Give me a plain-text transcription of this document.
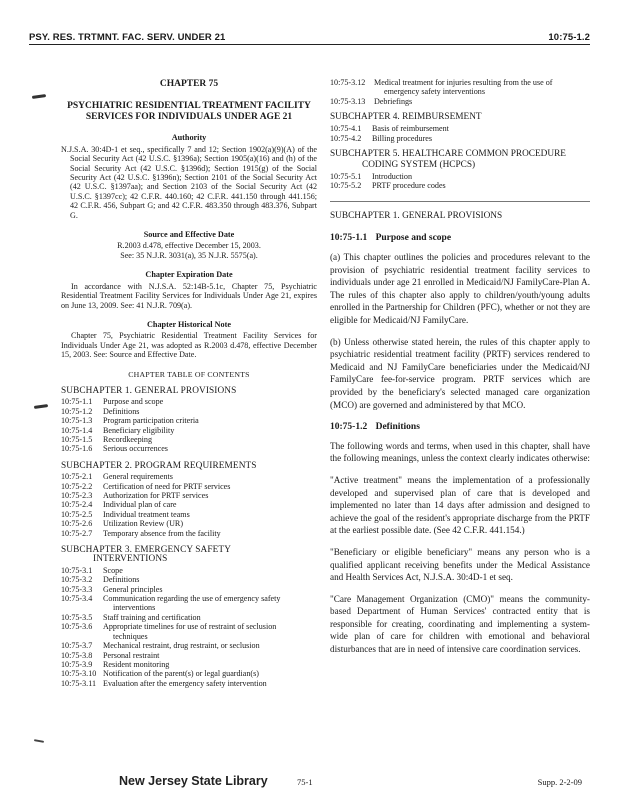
PSY. RES. TRTMNT. FAC. SERV. UNDER 21	10:75-1.2
CHAPTER 75
PSYCHIATRIC RESIDENTIAL TREATMENT FACILITY SERVICES FOR INDIVIDUALS UNDER AGE 21
Authority
N.J.S.A. 30:4D-1 et seq., specifically 7 and 12; Section 1902(a)(9)(A) of the Social Security Act (42 U.S.C. §1396a); Section 1905(a)(16) and (h) of the Social Security Act (42 U.S.C. §1396d); Section 1915(g) of the Social Security Act (42 U.S.C. §1396n); Section 2101 of the Social Security Act (42 U.S.C. §1397aa); and Section 2103 of the Social Security Act (42 U.S.C. §1397cc); 42 C.F.R. 440.160; 42 C.F.R. 441.150 through 441.156; 42 C.F.R. 456, Subpart G; and 42 C.F.R. 483.350 through 483.376, Subpart G.
Source and Effective Date
R.2003 d.478, effective December 15, 2003.
See: 35 N.J.R. 3031(a), 35 N.J.R. 5575(a).
Chapter Expiration Date
In accordance with N.J.S.A. 52:14B-5.1c, Chapter 75, Psychiatric Residential Treatment Facility Services for Individuals Under Age 21, expires on June 13, 2009. See: 41 N.J.R. 709(a).
Chapter Historical Note
Chapter 75, Psychiatric Residential Treatment Facility Services for Individuals Under Age 21, was adopted as R.2003 d.478, effective December 15, 2003. See: Source and Effective Date.
CHAPTER TABLE OF CONTENTS
SUBCHAPTER 1. GENERAL PROVISIONS
10:75-1.1	Purpose and scope
10:75-1.2	Definitions
10:75-1.3	Program participation criteria
10:75-1.4	Beneficiary eligibility
10:75-1.5	Recordkeeping
10:75-1.6	Serious occurrences
SUBCHAPTER 2. PROGRAM REQUIREMENTS
10:75-2.1	General requirements
10:75-2.2	Certification of need for PRTF services
10:75-2.3	Authorization for PRTF services
10:75-2.4	Individual plan of care
10:75-2.5	Individual treatment teams
10:75-2.6	Utilization Review (UR)
10:75-2.7	Temporary absence from the facility
SUBCHAPTER 3. EMERGENCY SAFETY
INTERVENTIONS
10:75-3.1	Scope
10:75-3.2	Definitions
10:75-3.3	General principles
10:75-3.4	Communication regarding the use of emergency safety
interventions
10:75-3.5	Staff training and certification
10:75-3.6	Appropriate timelines for use of restraint of seclusion
techniques
10:75-3.7	Mechanical restraint, drug restraint, or seclusion
10:75-3.8	Personal restraint
10:75-3.9	Resident monitoring
10:75-3.10 Notification of the parent(s) or legal guardian(s)
10:75-3.11 Evaluation after the emergency safety intervention
10:75-3.12	Medical treatment for injuries resulting from the use of
emergency safety interventions
10:75-3.13	Debriefings
SUBCHAPTER 4. REIMBURSEMENT
10:75-4.1	Basis of reimbursement
10:75-4.2	Billing procedures
SUBCHAPTER 5. HEALTHCARE COMMON PROCEDURE
CODING SYSTEM (HCPCS)
10:75-5.1	Introduction
10:75-5.2	PRTF procedure codes
SUBCHAPTER 1. GENERAL PROVISIONS
10:75-1.1 Purpose and scope
(a) This chapter outlines the policies and procedures relevant to the provision of psychiatric residential treatment facility services to individuals under age 21 enrolled in Medicaid/NJ FamilyCare-Plan A. The rules of this chapter also apply to children/youth/young adults enrolled in the Partnership for Children (PFC), whether or not they are eligible for Medicaid/NJ FamilyCare.
(b) Unless otherwise stated herein, the rules of this chapter apply to psychiatric residential treatment facility (PRTF) services rendered to Medicaid and NJ FamilyCare beneficiaries under the Medicaid/NJ FamilyCare fee-for-service program. PRTF services which are provided by the beneficiary's selected managed care organization (MCO) are governed and administered by that MCO.
10:75-1.2 Definitions
The following words and terms, when used in this chapter, shall have the following meanings, unless the context clearly indicates otherwise:
"Active treatment" means the implementation of a professionally developed and supervised plan of care that is developed and implemented no later than 14 days after admission and designed to achieve the goal of the resident's appropriate discharge from the PRTF at the earliest possible date. (See 42 C.F.R. 441.154.)
"Beneficiary or eligible beneficiary" means any person who is a qualified applicant receiving benefits under the Medical Assistance and Health Services Act, N.J.S.A. 30:4D-1 et seq.
"Care Management Organization (CMO)" means the community-based Department of Human Services' contracted entity that is responsible for creating, coordinating and implementing a system-wide plan of care for children with emotional and behavioral disturbances that are in need of intensive care coordination services.
New Jersey State Library	75-1	Supp. 2-2-09
